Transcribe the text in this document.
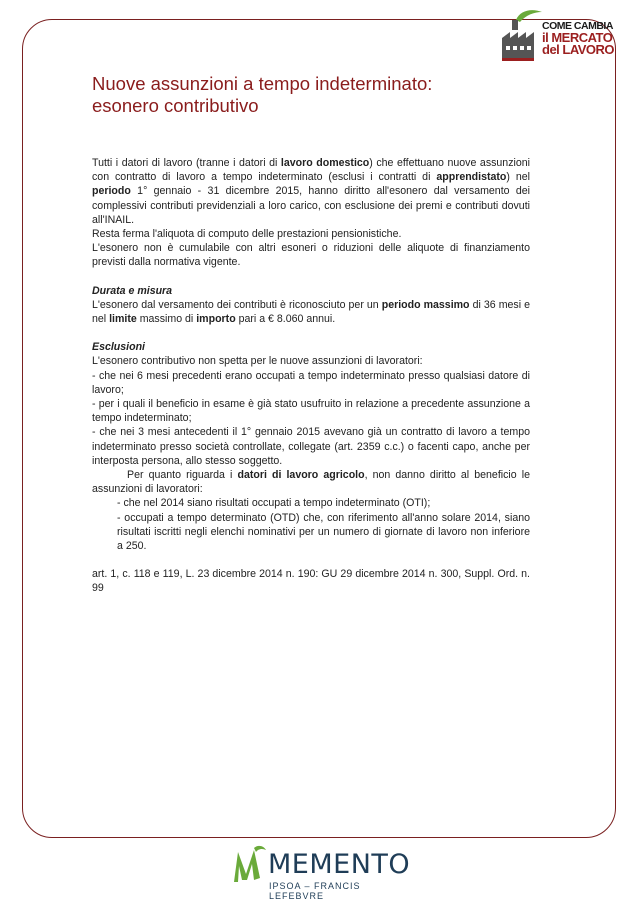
COME CAMBIA
il MERCATO
del LAVORO
Nuove assunzioni a tempo indeterminato:
esonero contributivo

Tutti i datori di lavoro (tranne i datori di lavoro domestico) che effettuano nuove assunzioni con contratto di lavoro a tempo indeterminato (esclusi i contratti di apprendistato) nel periodo 1° gennaio - 31 dicembre 2015, hanno diritto all'esonero dal versamento dei complessivi contributi previdenziali a loro carico, con esclusione dei premi e contributi dovuti all'INAIL.

Resta ferma l'aliquota di computo delle prestazioni pensionistiche.

L'esonero non è cumulabile con altri esoneri o riduzioni delle aliquote di finanziamento previsti dalla normativa vigente.

Durata e misura

L'esonero dal versamento dei contributi è riconosciuto per un periodo massimo di 36 mesi e nel limite massimo di importo pari a € 8.060 annui.

Esclusioni

L'esonero contributivo non spetta per le nuove assunzioni di lavoratori:

- che nei 6 mesi precedenti erano occupati a tempo indeterminato presso qualsiasi datore di lavoro;

- per i quali il beneficio in esame è già stato usufruito in relazione a precedente assunzione a tempo indeterminato;

- che nei 3 mesi antecedenti il 1° gennaio 2015 avevano già un contratto di lavoro a tempo indeterminato presso società controllate, collegate (art. 2359 c.c.) o facenti capo, anche per interposta persona, allo stesso soggetto.

Per quanto riguarda i datori di lavoro agricolo, non danno diritto al beneficio le assunzioni di lavoratori:

- che nel 2014 siano risultati occupati a tempo indeterminato (OTI);

- occupati a tempo determinato (OTD) che, con riferimento all'anno solare 2014, siano risultati iscritti negli elenchi nominativi per un numero di giornate di lavoro non inferiore a 250.

art. 1, c. 118 e 119, L. 23 dicembre 2014 n. 190: GU 29 dicembre 2014 n. 300, Suppl. Ord. n. 99

MEMENTO
IPSOA – FRANCIS LEFEBVRE
